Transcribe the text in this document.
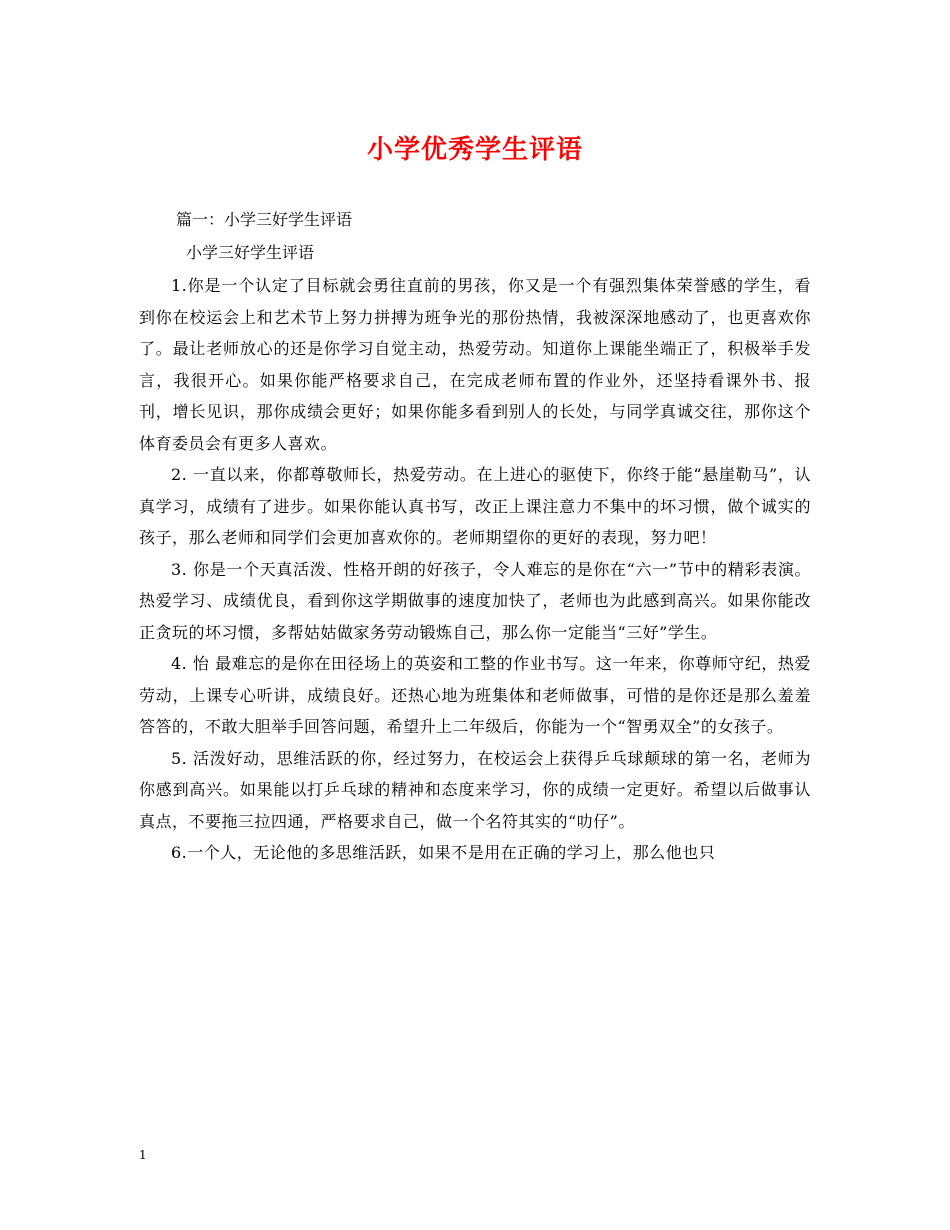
小学优秀学生评语

篇一：小学三好学生评语

小学三好学生评语

1.你是一个认定了目标就会勇往直前的男孩，你又是一个有强烈集体荣誉感的学生，看到你在校运会上和艺术节上努力拼搏为班争光的那份热情，我被深深地感动了，也更喜欢你了。最让老师放心的还是你学习自觉主动，热爱劳动。知道你上课能坐端正了，积极举手发言，我很开心。如果你能严格要求自己，在完成老师布置的作业外，还坚持看课外书、报刊，增长见识，那你成绩会更好；如果你能多看到别人的长处，与同学真诚交往，那你这个体育委员会有更多人喜欢。

2. 一直以来，你都尊敬师长，热爱劳动。在上进心的驱使下，你终于能“悬崖勒马”，认真学习，成绩有了进步。如果你能认真书写，改正上课注意力不集中的坏习惯，做个诚实的孩子，那么老师和同学们会更加喜欢你的。老师期望你的更好的表现，努力吧！

3. 你是一个天真活泼、性格开朗的好孩子，令人难忘的是你在“六一”节中的精彩表演。热爱学习、成绩优良，看到你这学期做事的速度加快了，老师也为此感到高兴。如果你能改正贪玩的坏习惯，多帮姑姑做家务劳动锻炼自己，那么你一定能当“三好”学生。

4. 怡 最难忘的是你在田径场上的英姿和工整的作业书写。这一年来，你尊师守纪，热爱劳动，上课专心听讲，成绩良好。还热心地为班集体和老师做事，可惜的是你还是那么羞羞答答的，不敢大胆举手回答问题，希望升上二年级后，你能为一个“智勇双全”的女孩子。

5. 活泼好动，思维活跃的你，经过努力，在校运会上获得乒乓球颠球的第一名，老师为你感到高兴。如果能以打乒乓球的精神和态度来学习，你的成绩一定更好。希望以后做事认真点，不要拖三拉四通，严格要求自己，做一个名符其实的“叻仔”。

6.一个人，无论他的多思维活跃，如果不是用在正确的学习上，那么他也只

1
